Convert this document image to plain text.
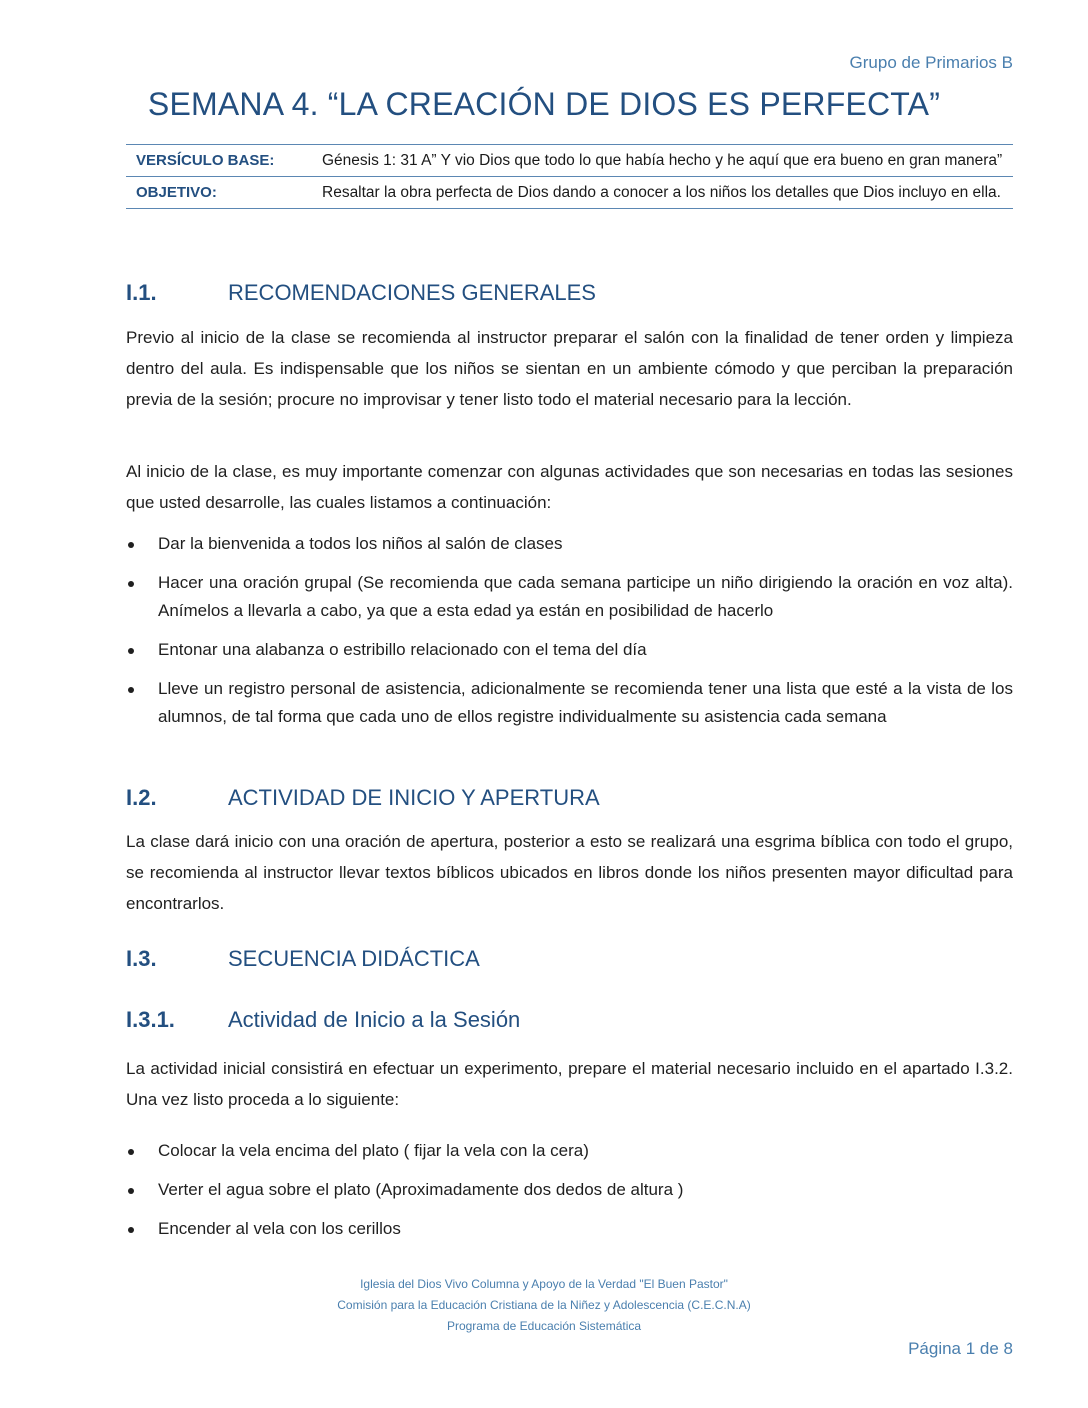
Grupo de Primarios B
SEMANA 4. “LA CREACIÓN DE DIOS ES PERFECTA”
VERSÍCULO BASE:	Génesis 1: 31 A” Y vio Dios que todo lo que había hecho y he aquí que era bueno en gran manera”
OBJETIVO:	Resaltar la obra perfecta de Dios dando a conocer a los niños los detalles que Dios incluyo en ella.
I.1.	RECOMENDACIONES GENERALES
Previo al inicio de la clase se recomienda al instructor preparar el salón con la finalidad de tener orden y limpieza dentro del aula. Es indispensable que los niños se sientan en un ambiente cómodo y que perciban la preparación previa de la sesión; procure no improvisar y tener listo todo el material necesario para la lección.
Al inicio de la clase, es muy importante comenzar con algunas actividades que son necesarias en todas las sesiones que usted desarrolle, las cuales listamos a continuación:
Dar la bienvenida a todos los niños al salón de clases
Hacer una oración grupal (Se recomienda que cada semana participe un niño dirigiendo la oración en voz alta). Anímelos a llevarla a cabo, ya que a esta edad ya están en posibilidad de hacerlo
Entonar una alabanza o estribillo relacionado con el tema del día
Lleve un registro personal de asistencia, adicionalmente se recomienda tener una lista que esté a la vista de los alumnos, de tal forma que cada uno de ellos registre individualmente su asistencia cada semana
I.2.	ACTIVIDAD DE INICIO Y APERTURA
La clase dará inicio con una oración de apertura, posterior a esto se realizará una esgrima bíblica con todo el grupo, se recomienda al instructor llevar textos bíblicos ubicados en libros donde los niños presenten mayor dificultad para encontrarlos.
I.3.	SECUENCIA DIDÁCTICA
I.3.1. Actividad de Inicio a la Sesión
La actividad inicial consistirá en efectuar un experimento, prepare el material necesario incluido en el apartado I.3.2. Una vez listo proceda a lo siguiente:
Colocar la vela encima del plato ( fijar la vela con la cera)
Verter el agua sobre el plato (Aproximadamente dos dedos de altura )
Encender al vela con los cerillos
Iglesia del Dios Vivo Columna y Apoyo de la Verdad "El Buen Pastor"
Comisión para la Educación Cristiana de la Niñez y Adolescencia (C.E.C.N.A)
Programa de Educación Sistemática
Página 1 de 8
